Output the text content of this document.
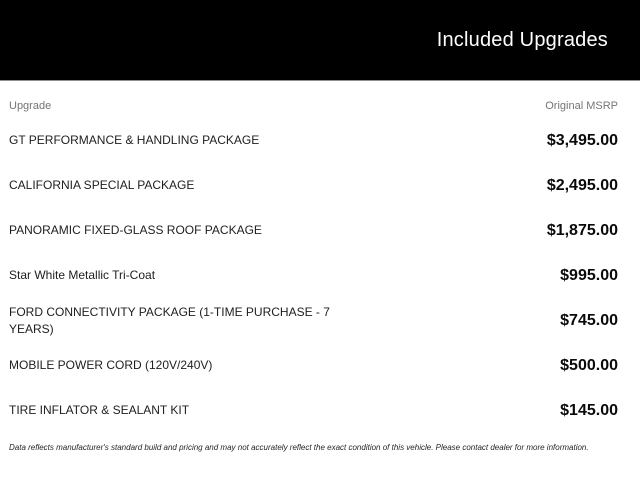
Included Upgrades
Upgrade	Original MSRP
GT PERFORMANCE & HANDLING PACKAGE	$3,495.00
CALIFORNIA SPECIAL PACKAGE	$2,495.00
PANORAMIC FIXED-GLASS ROOF PACKAGE	$1,875.00
Star White Metallic Tri-Coat	$995.00
FORD CONNECTIVITY PACKAGE (1-TIME PURCHASE - 7 YEARS)	$745.00
MOBILE POWER CORD (120V/240V)	$500.00
TIRE INFLATOR & SEALANT KIT	$145.00

Data reflects manufacturer's standard build and pricing and may not accurately reflect the exact condition of this vehicle. Please contact dealer for more information.
